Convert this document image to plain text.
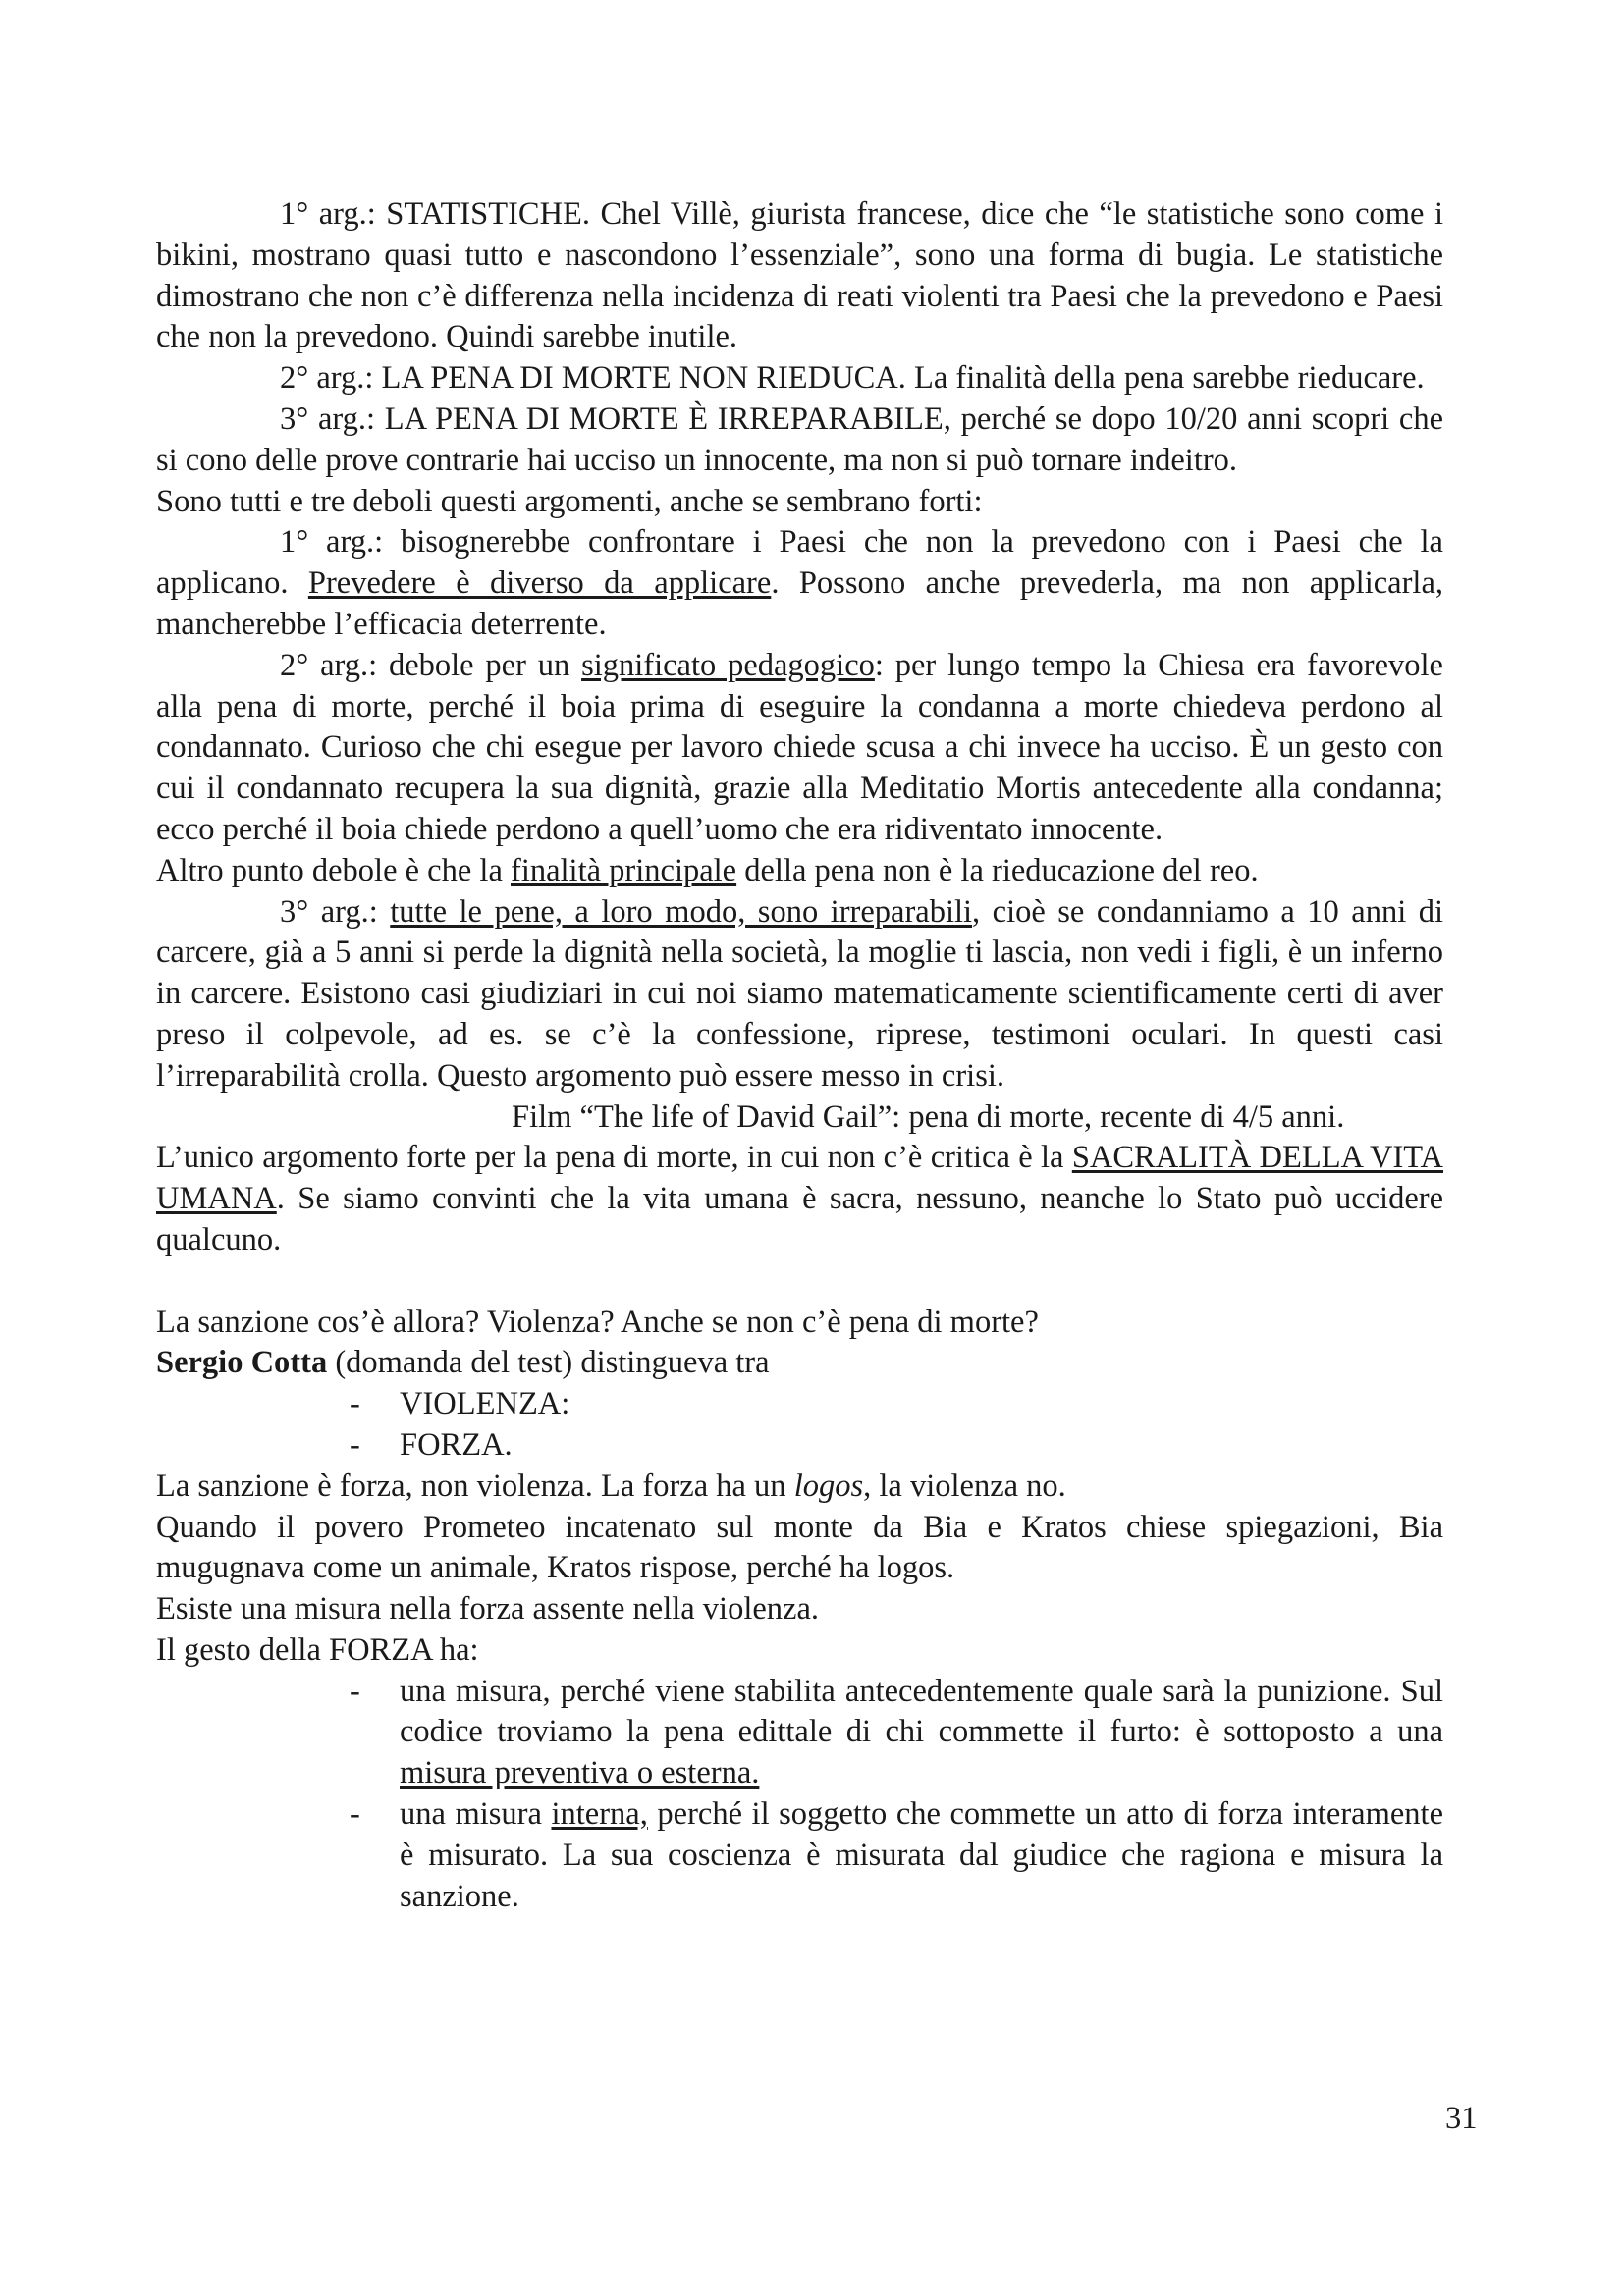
1° arg.: STATISTICHE. Chel Villè, giurista francese, dice che “le statistiche sono come i bikini, mostrano quasi tutto e nascondono l’essenziale”, sono una forma di bugia. Le statistiche dimostrano che non c’è differenza nella incidenza di reati violenti tra Paesi che la prevedono e Paesi che non la prevedono. Quindi sarebbe inutile.

2° arg.: LA PENA DI MORTE NON RIEDUCA. La finalità della pena sarebbe rieducare.

3° arg.: LA PENA DI MORTE È IRREPARABILE, perché se dopo 10/20 anni scopri che si cono delle prove contrarie hai ucciso un innocente, ma non si può tornare indeitro.

Sono tutti e tre deboli questi argomenti, anche se sembrano forti:

1° arg.: bisognerebbe confrontare i Paesi che non la prevedono con i Paesi che la applicano. Prevedere è diverso da applicare. Possono anche prevederla, ma non applicarla, mancherebbe l’efficacia deterrente.

2° arg.: debole per un significato pedagogico: per lungo tempo la Chiesa era favorevole alla pena di morte, perché il boia prima di eseguire la condanna a morte chiedeva perdono al condannato. Curioso che chi esegue per lavoro chiede scusa a chi invece ha ucciso. È un gesto con cui il condannato recupera la sua dignità, grazie alla Meditatio Mortis antecedente alla condanna; ecco perché il boia chiede perdono a quell’uomo che era ridiventato innocente.

Altro punto debole è che la finalità principale della pena non è la rieducazione del reo.

3° arg.: tutte le pene, a loro modo, sono irreparabili, cioè se condanniamo a 10 anni di carcere, già a 5 anni si perde la dignità nella società, la moglie ti lascia, non vedi i figli, è un inferno in carcere. Esistono casi giudiziari in cui noi siamo matematicamente scientificamente certi di aver preso il colpevole, ad es. se c’è la confessione, riprese, testimoni oculari. In questi casi l’irreparabilità crolla. Questo argomento può essere messo in crisi.

Film “The life of David Gail”: pena di morte, recente di 4/5 anni.

L’unico argomento forte per la pena di morte, in cui non c’è critica è la SACRALITÀ DELLA VITA UMANA. Se siamo convinti che la vita umana è sacra, nessuno, neanche lo Stato può uccidere qualcuno.

La sanzione cos’è allora? Violenza? Anche se non c’è pena di morte?

Sergio Cotta (domanda del test) distingueva tra

- VIOLENZA:
- FORZA.

La sanzione è forza, non violenza. La forza ha un logos, la violenza no.

Quando il povero Prometeo incatenato sul monte da Bia e Kratos chiese spiegazioni, Bia mugugnava come un animale, Kratos rispose, perché ha logos.

Esiste una misura nella forza assente nella violenza.

Il gesto della FORZA ha:

- una misura, perché viene stabilita antecedentemente quale sarà la punizione. Sul codice troviamo la pena edittale di chi commette il furto: è sottoposto a una misura preventiva o esterna.
- una misura interna, perché il soggetto che commette un atto di forza interamente è misurato. La sua coscienza è misurata dal giudice che ragiona e misura la sanzione.
31
